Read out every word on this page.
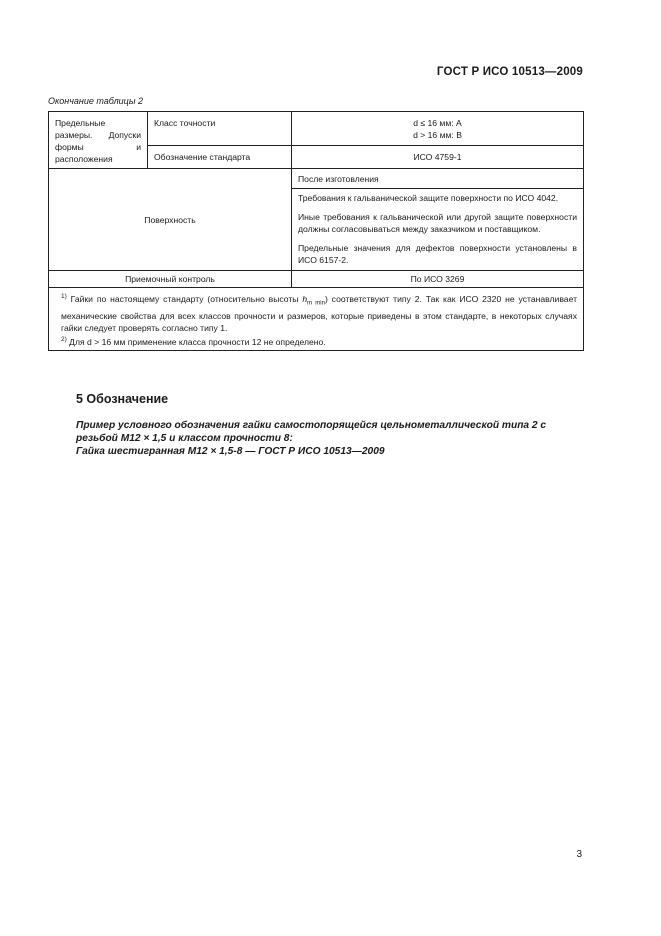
ГОСТ Р ИСО 10513—2009
Окончание таблицы 2
Предельные размеры. Допуски формы и расположения	Класс точности	d ≤ 16 мм: A
d > 16 мм: B

	Обозначение стандарта	ИСО 4759-1
Поверхность		После изготовления

		Требования к гальванической защите поверхности по ИСО 4042.

Иные требования к гальванической или другой защите поверхности должны согласовываться между заказчиком и поставщиком.

Предельные значения для дефектов поверхности установлены в ИСО 6157-2.

Приемочный контроль		По ИСО 3269

$^{1)}$ Гайки по настоящему стандарту (относительно высоты $h_{m min}$) соответствуют типу 2. Так как ИСО 2320 не устанавливает механические свойства для всех классов прочности и размеров, которые приведены в этом стандарте, в некоторых случаях гайки следует проверять согласно типу 1.

$^{2)}$ Для d > 16 мм применение класса прочности 12 не определено.		

5 Обозначение
Пример условного обозначения гайки самостопорящейся цельнометаллической типа 2 с
резьбой М12 × 1,5 и классом прочности 8:
Гайка шестигранная М12 × 1,5-8 — ГОСТ Р ИСО 10513—2009
3
